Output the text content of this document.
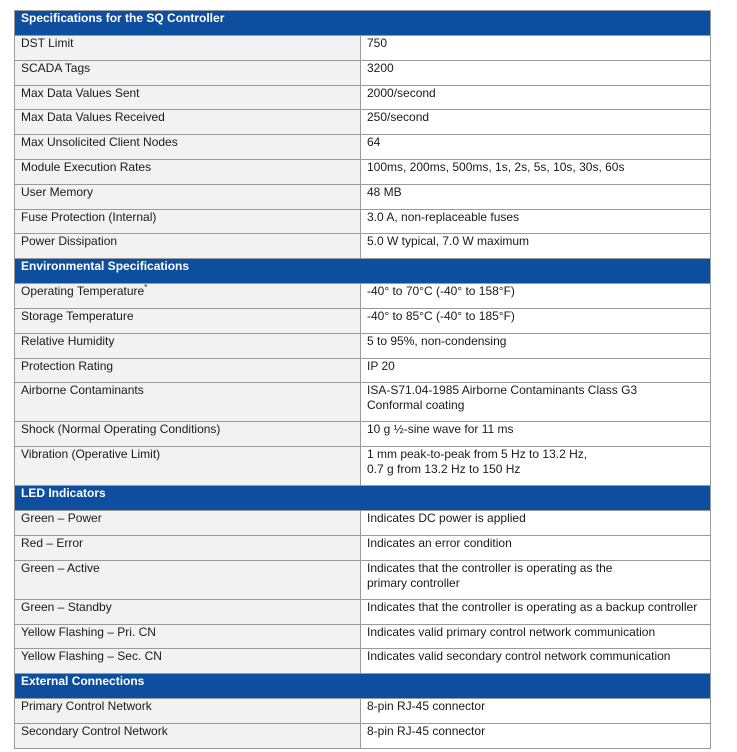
Specifications for the SQ Controller	
DST Limit	750

SCADA Tags	3200

Max Data Values Sent	2000/second

Max Data Values Received	250/second

Max Unsolicited Client Nodes	64

Module Execution Rates	100ms, 200ms, 500ms, 1s, 2s, 5s, 10s, 30s, 60s

User Memory	48 MB

Fuse Protection (Internal)	3.0 A, non-replaceable fuses

Power Dissipation	5.0 W typical, 7.0 W maximum

Environmental Specifications	
Operating Temperature*	-40° to 70°C (-40° to 158°F)

Storage Temperature	-40° to 85°C (-40° to 185°F)

Relative Humidity	5 to 95%, non-condensing

Protection Rating	IP 20

Airborne Contaminants	ISA-S71.04-1985 Airborne Contaminants Class G3
Conformal coating

Shock (Normal Operating Conditions)	10 g ½-sine wave for 11 ms

Vibration (Operative Limit)	1 mm peak-to-peak from 5 Hz to 13.2 Hz,
0.7 g from 13.2 Hz to 150 Hz

LED Indicators	
Green – Power	Indicates DC power is applied

Red – Error	Indicates an error condition

Green – Active	Indicates that the controller is operating as the
primary controller

Green – Standby	Indicates that the controller is operating as a backup controller

Yellow Flashing – Pri. CN	Indicates valid primary control network communication

Yellow Flashing – Sec. CN	Indicates valid secondary control network communication

External Connections	
Primary Control Network	8-pin RJ-45 connector

Secondary Control Network	8-pin RJ-45 connector
